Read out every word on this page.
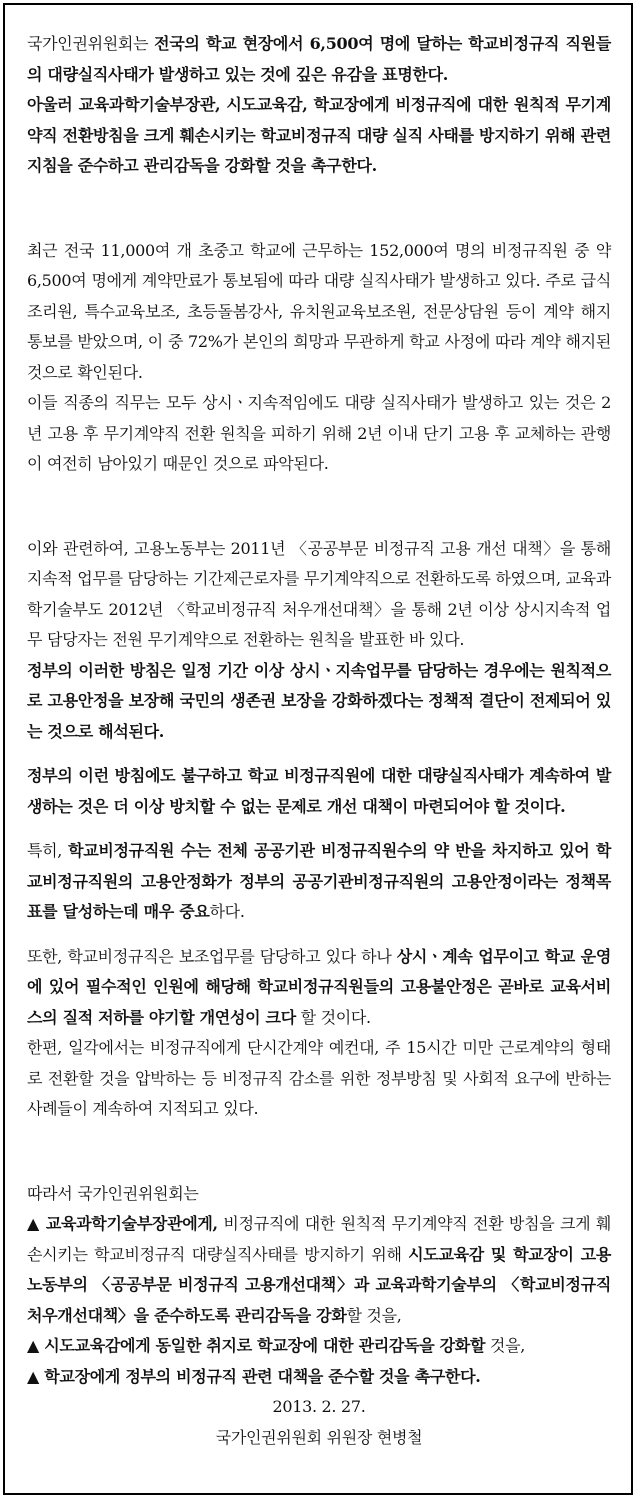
국가인권위원회는 전국의 학교 현장에서 6,500여 명에 달하는 학교비정규직 직원들의 대량실직사태가 발생하고 있는 것에 깊은 유감을 표명한다.

아울러 교육과학기술부장관, 시도교육감, 학교장에게 비정규직에 대한 원칙적 무기계약직 전환방침을 크게 훼손시키는 학교비정규직 대량 실직 사태를 방지하기 위해 관련 지침을 준수하고 관리감독을 강화할 것을 촉구한다.

최근 전국 11,000여 개 초중고 학교에 근무하는 152,000여 명의 비정규직원 중 약 6,500여 명에게 계약만료가 통보됨에 따라 대량 실직사태가 발생하고 있다. 주로 급식조리원, 특수교육보조, 초등돌봄강사, 유치원교육보조원, 전문상담원 등이 계약 해지 통보를 받았으며, 이 중 72%가 본인의 희망과 무관하게 학교 사정에 따라 계약 해지된 것으로 확인된다.

이들 직종의 직무는 모두 상시ㆍ지속적임에도 대량 실직사태가 발생하고 있는 것은 2년 고용 후 무기계약직 전환 원칙을 피하기 위해 2년 이내 단기 고용 후 교체하는 관행이 여전히 남아있기 때문인 것으로 파악된다.

이와 관련하여, 고용노동부는 2011년 〈공공부문 비정규직 고용 개선 대책〉을 통해 지속적 업무를 담당하는 기간제근로자를 무기계약직으로 전환하도록 하였으며, 교육과학기술부도 2012년 〈학교비정규직 처우개선대책〉을 통해 2년 이상 상시지속적 업무 담당자는 전원 무기계약으로 전환하는 원칙을 발표한 바 있다.

정부의 이러한 방침은 일정 기간 이상 상시ㆍ지속업무를 담당하는 경우에는 원칙적으로 고용안정을 보장해 국민의 생존권 보장을 강화하겠다는 정책적 결단이 전제되어 있는 것으로 해석된다.

정부의 이런 방침에도 불구하고 학교 비정규직원에 대한 대량실직사태가 계속하여 발생하는 것은 더 이상 방치할 수 없는 문제로 개선 대책이 마련되어야 할 것이다.

특히, 학교비정규직원 수는 전체 공공기관 비정규직원수의 약 반을 차지하고 있어 학교비정규직원의 고용안정화가 정부의 공공기관비정규직원의 고용안정이라는 정책목표를 달성하는데 매우 중요하다.

또한, 학교비정규직은 보조업무를 담당하고 있다 하나 상시ㆍ계속 업무이고 학교 운영에 있어 필수적인 인원에 해당해 학교비정규직원들의 고용불안정은 곧바로 교육서비스의 질적 저하를 야기할 개연성이 크다 할 것이다.

한편, 일각에서는 비정규직에게 단시간계약 예컨대, 주 15시간 미만 근로계약의 형태로 전환할 것을 압박하는 등 비정규직 감소를 위한 정부방침 및 사회적 요구에 반하는 사례들이 계속하여 지적되고 있다.

따라서 국가인권위원회는

▲ 교육과학기술부장관에게, 비정규직에 대한 원칙적 무기계약직 전환 방침을 크게 훼손시키는 학교비정규직 대량실직사태를 방지하기 위해 시도교육감 및 학교장이 고용노동부의 〈공공부문 비정규직 고용개선대책〉과 교육과학기술부의 〈학교비정규직 처우개선대책〉을 준수하도록 관리감독을 강화할 것을,

▲ 시도교육감에게 동일한 취지로 학교장에 대한 관리감독을 강화할 것을,

▲ 학교장에게 정부의 비정규직 관련 대책을 준수할 것을 촉구한다.

2013. 2. 27.

국가인권위원회 위원장 현병철
